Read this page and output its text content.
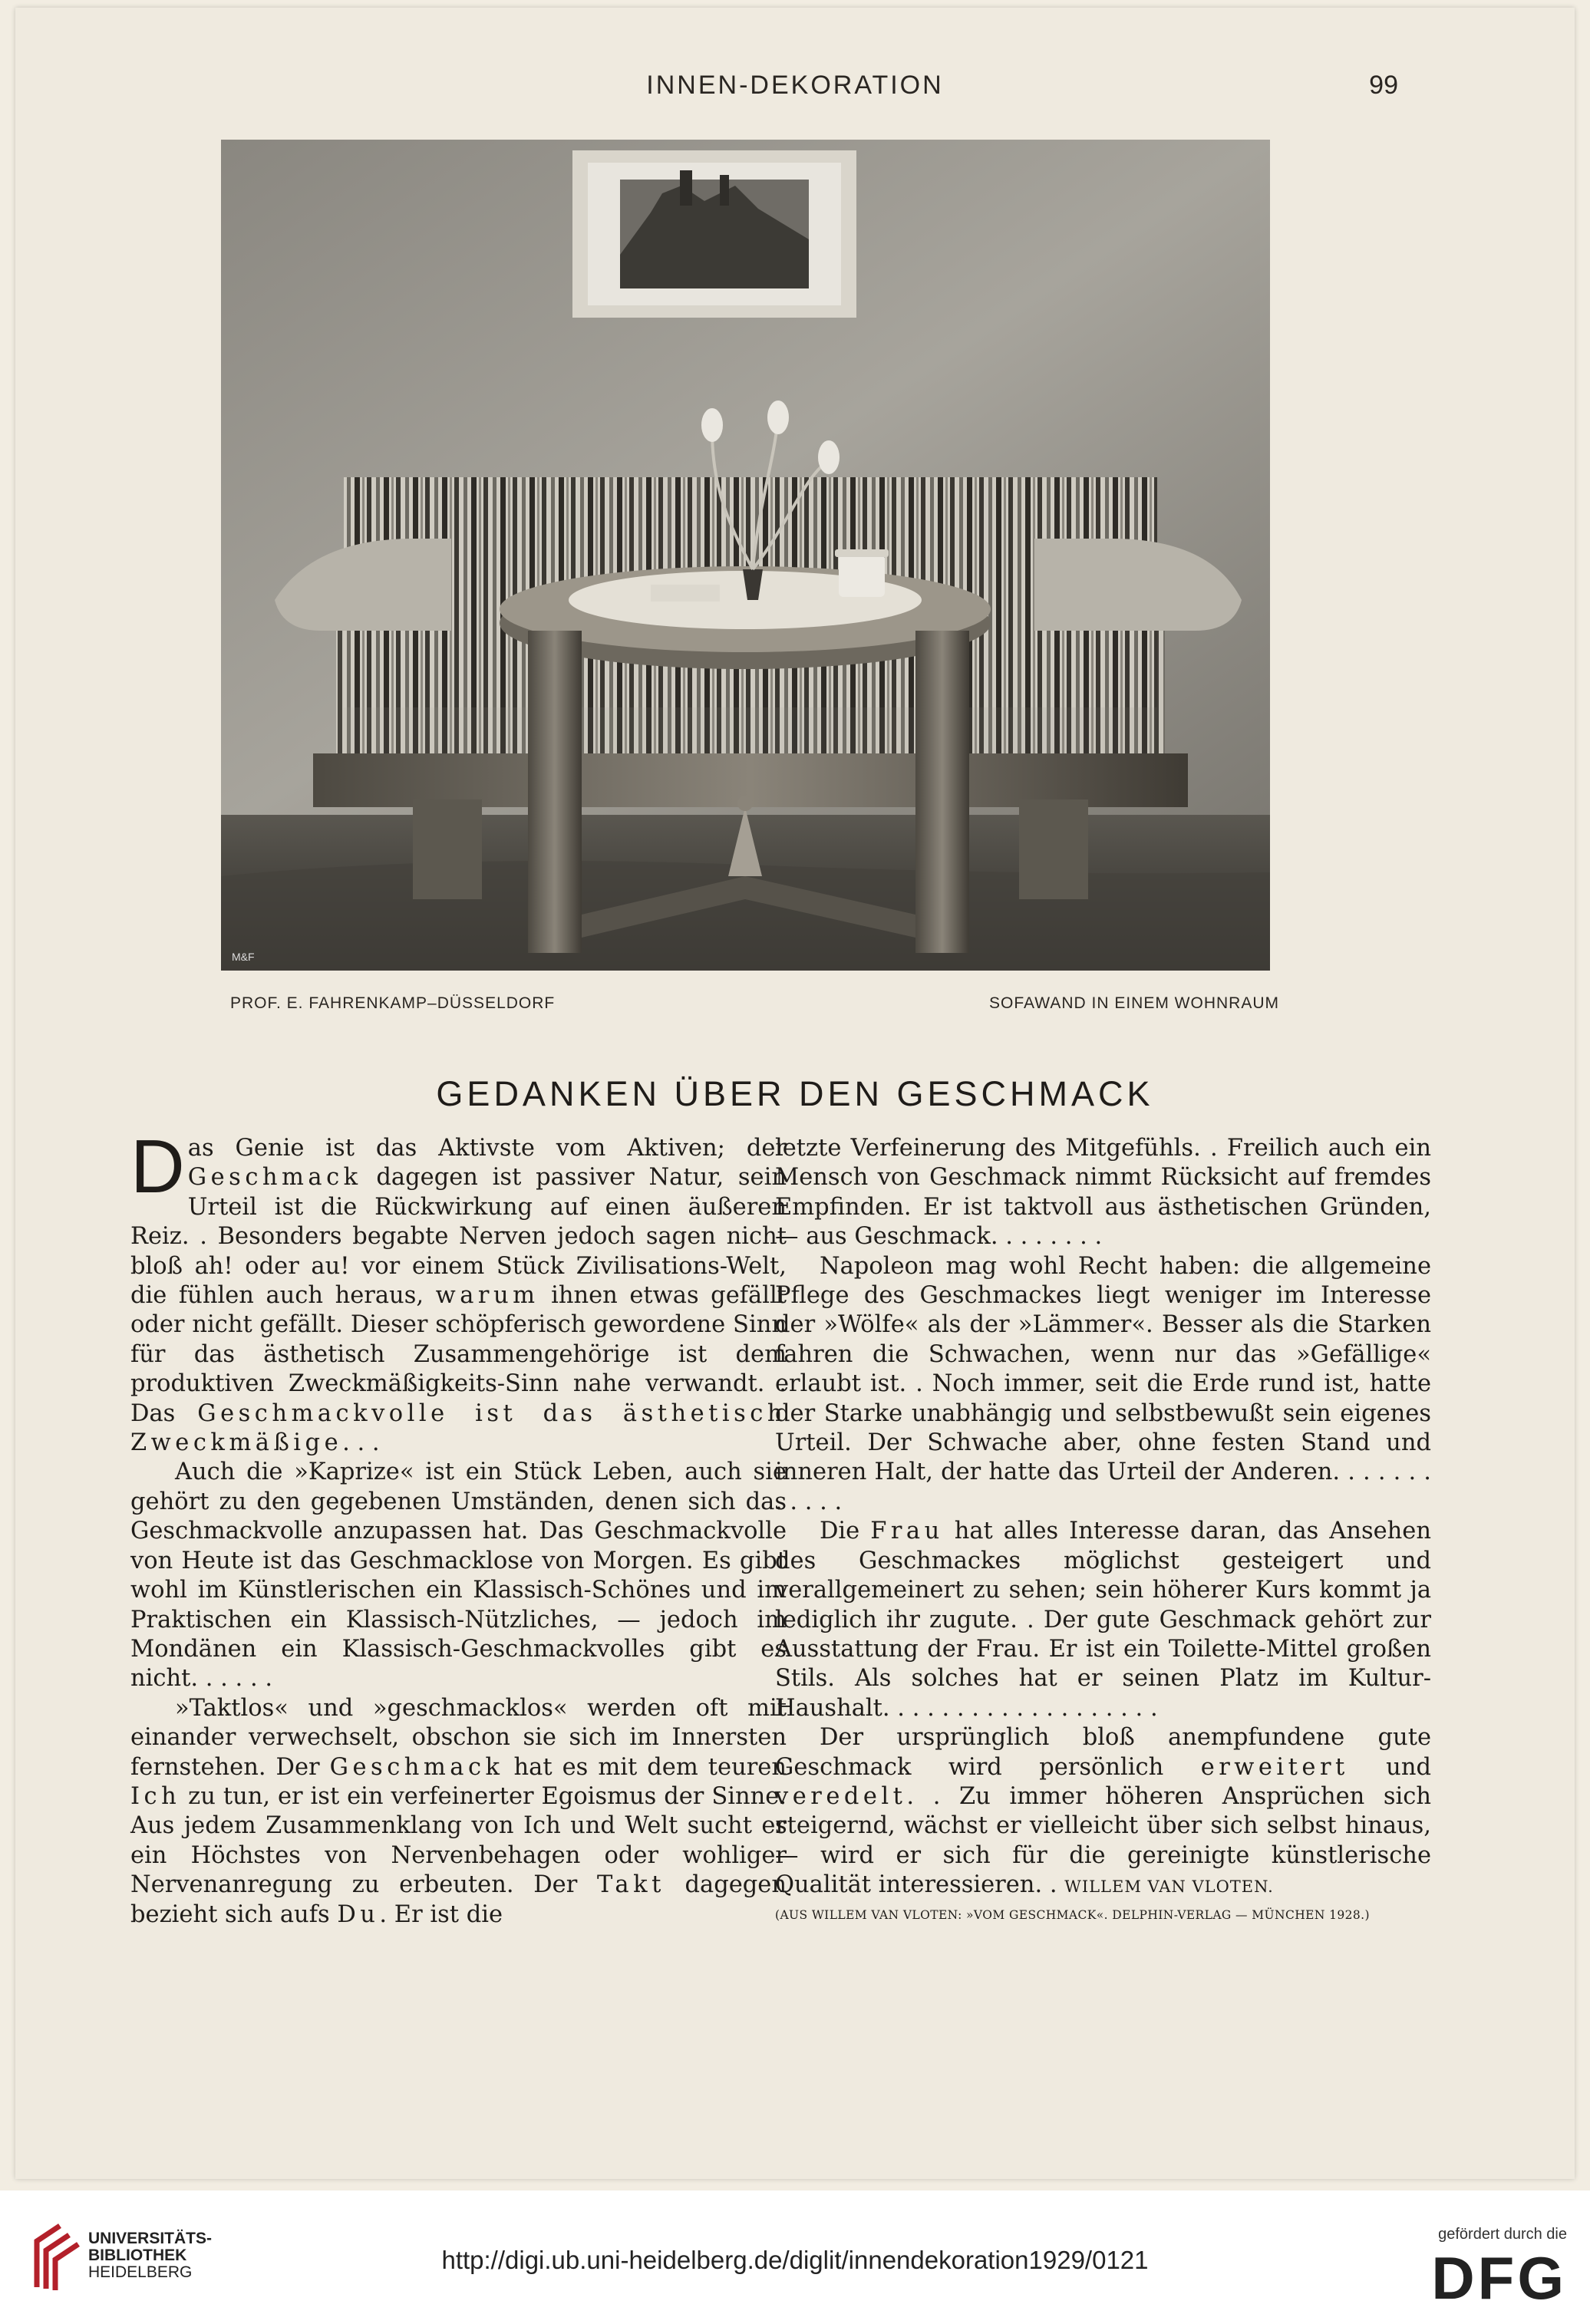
INNEN-DEKORATION	99
M&F
PROF. E. FAHRENKAMP–DÜSSELDORF	SOFAWAND IN EINEM WOHNRAUM
GEDANKEN ÜBER DEN GESCHMACK

Das Genie ist das Aktivste vom Aktiven; der Geschmack dagegen ist passiver Natur, sein Urteil ist die Rückwirkung auf einen äußeren Reiz. . Besonders begabte Nerven jedoch sagen nicht bloß ah! oder au! vor einem Stück Zivilisations-Welt, die fühlen auch heraus, warum ihnen etwas gefällt oder nicht gefällt. Dieser schöpferisch gewordene Sinn für das ästhetisch Zusammengehörige ist dem produktiven Zweckmäßigkeits-Sinn nahe verwandt. . Das Geschmackvolle ist das ästhetisch Zweckmäßige. . .

Auch die »Kaprize« ist ein Stück Leben, auch sie gehört zu den gegebenen Umständen, denen sich das Geschmackvolle anzupassen hat. Das Geschmackvolle von Heute ist das Geschmacklose von Morgen. Es gibt wohl im Künstlerischen ein Klassisch-Schönes und im Praktischen ein Klassisch-Nützliches, — jedoch im Mondänen ein Klassisch-Geschmackvolles gibt es nicht. . . . . .

»Taktlos« und »geschmacklos« werden oft mit einander verwechselt, obschon sie sich im Innersten fernstehen. Der Geschmack hat es mit dem teuren Ich zu tun, er ist ein verfeinerter Egoismus der Sinne. Aus jedem Zusammenklang von Ich und Welt sucht er ein Höchstes von Nervenbehagen oder wohliger Nervenanregung zu erbeuten. Der Takt dagegen bezieht sich aufs Du. Er ist die

letzte Verfeinerung des Mitgefühls. . Freilich auch ein Mensch von Geschmack nimmt Rücksicht auf fremdes Empfinden. Er ist taktvoll aus ästhetischen Gründen, — aus Geschmack. . . . . . . .

Napoleon mag wohl Recht haben: die allgemeine Pflege des Geschmackes liegt weniger im Interesse der »Wölfe« als der »Lämmer«. Besser als die Starken fahren die Schwachen, wenn nur das »Gefällige« erlaubt ist. . Noch immer, seit die Erde rund ist, hatte der Starke unabhängig und selbstbewußt sein eigenes Urteil. Der Schwache aber, ohne festen Stand und inneren Halt, der hatte das Urteil der Anderen. . . . . . . . . . . .

Die Frau hat alles Interesse daran, das Ansehen des Geschmackes möglichst gesteigert und verallgemeinert zu sehen; sein höherer Kurs kommt ja lediglich ihr zugute. . Der gute Geschmack gehört zur Ausstattung der Frau. Er ist ein Toilette-Mittel großen Stils. Als solches hat er seinen Platz im Kultur-Haushalt. . . . . . . . . . . . . . . . . . .

Der ursprünglich bloß anempfundene gute Geschmack wird persönlich erweitert und veredelt. . Zu immer höheren Ansprüchen sich steigernd, wächst er vielleicht über sich selbst hinaus, — wird er sich für die gereinigte künstlerische Qualität interessieren. . WILLEM VAN VLOTEN.

(AUS WILLEM VAN VLOTEN: »VOM GESCHMACK«. DELPHIN-VERLAG — MÜNCHEN 1928.)
UNIVERSITÄTS-
BIBLIOTHEK
HEIDELBERG	http://digi.ub.uni-heidelberg.de/diglit/innendekoration1929/0121
gefördert durch die
DFG
